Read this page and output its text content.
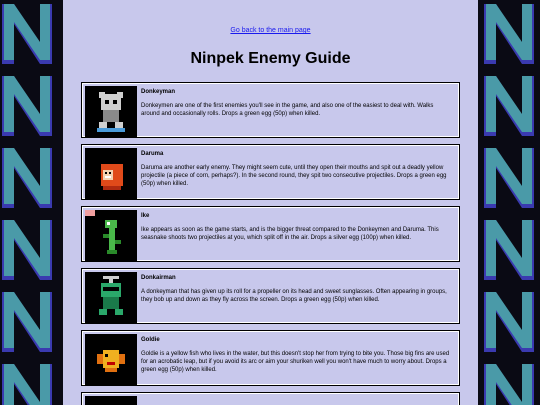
Go back to the main page
Ninpek Enemy Guide
Donkeyman
Donkeymen are one of the first enemies you'll see in the game, and also one of the easiest to deal with. Walks around and occasionally rolls. Drops a green egg (50p) when killed.
Daruma
Daruma are another early enemy. They might seem cute, until they open their mouths and spit out a deadly yellow projectile (a piece of corn, perhaps?). In the second round, they spit two consecutive projectiles. Drops a green egg (50p) when killed.
Ike
Ike appears as soon as the game starts, and is the bigger threat compared to the Donkeymen and Daruma. This seasnake shoots two projectiles at you, which split off in the air. Drops a silver egg (100p) when killed.
Donkairman
A donkeyman that has given up its roll for a propeller on its head and sweet sunglasses. Often appearing in groups, they bob up and down as they fly across the screen. Drops a green egg (50p) when killed.
Goldie
Goldie is a yellow fish who lives in the water, but this doesn't stop her from trying to bite you. Those big fins are used for an acrobatic leap, but if you avoid its arc or aim your shuriken well you won't have much to worry about. Drops a green egg (50p) when killed.
